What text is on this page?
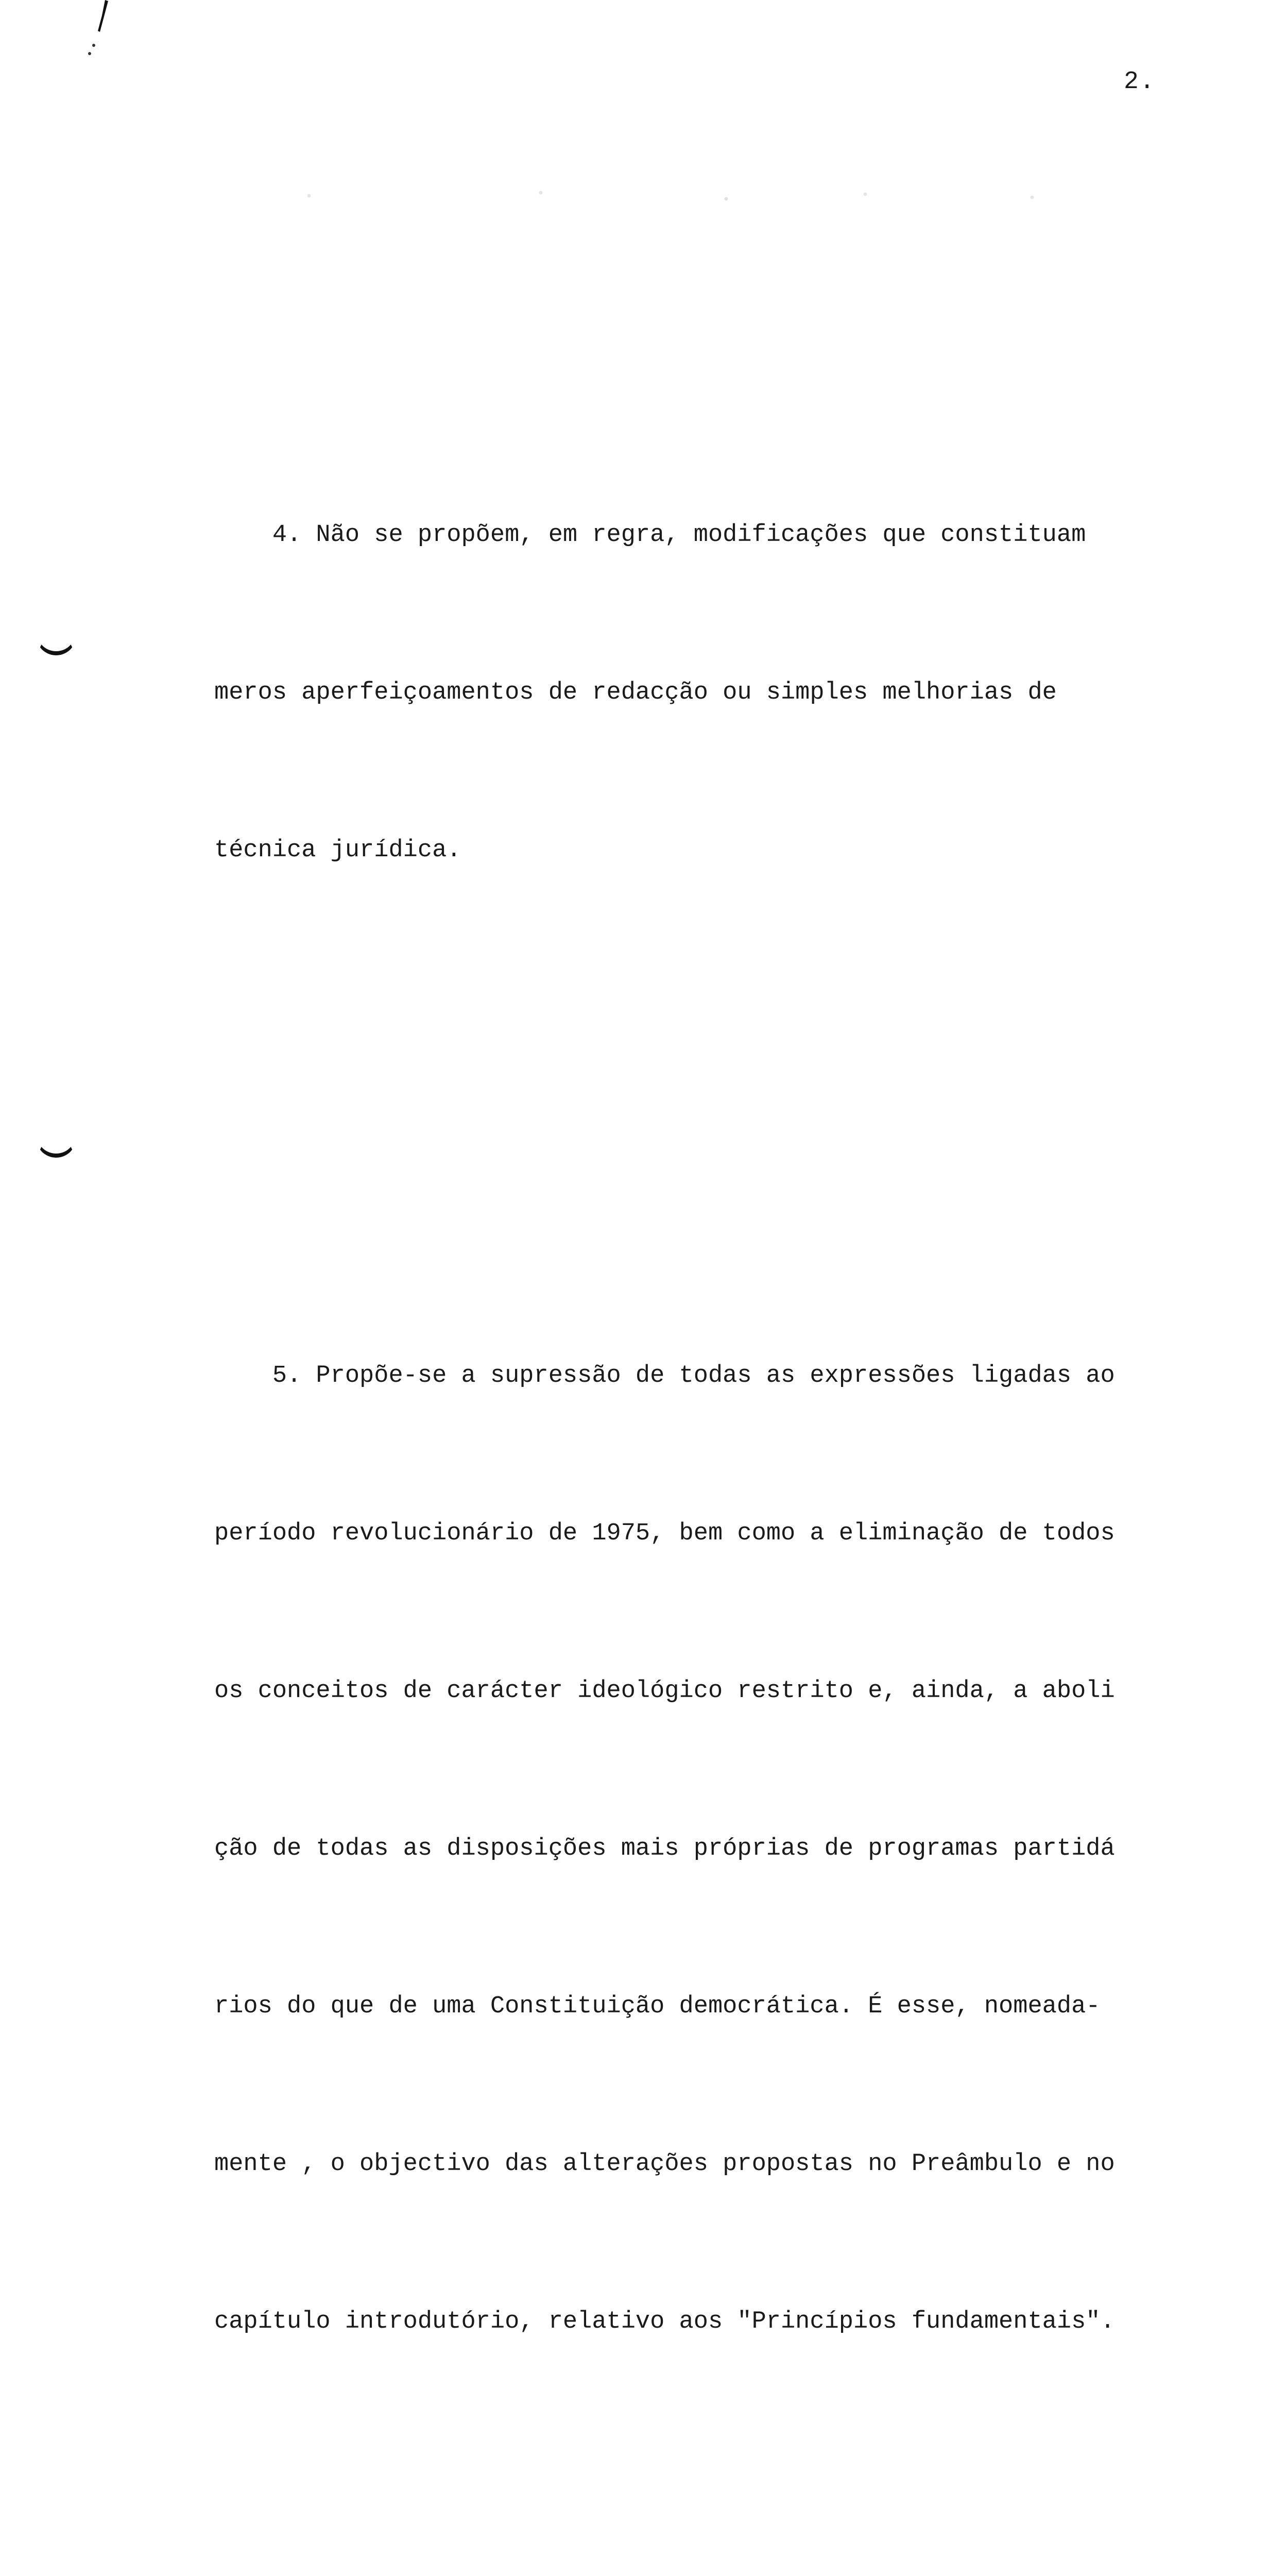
2.

4. Não se propõem, em regra, modificações que constituam

meros aperfeiçoamentos de redacção ou simples melhorias de

técnica jurídica.

5. Propõe-se a supressão de todas as expressões ligadas ao

período revolucionário de 1975, bem como a eliminação de todos

os conceitos de carácter ideológico restrito e, ainda, a aboli

ção de todas as disposições mais próprias de programas partidá

rios do que de uma Constituição democrática. É esse, nomeada-

mente , o objectivo das alterações propostas no Preâmbulo e no

capítulo introdutório, relativo aos "Princípios fundamentais".
